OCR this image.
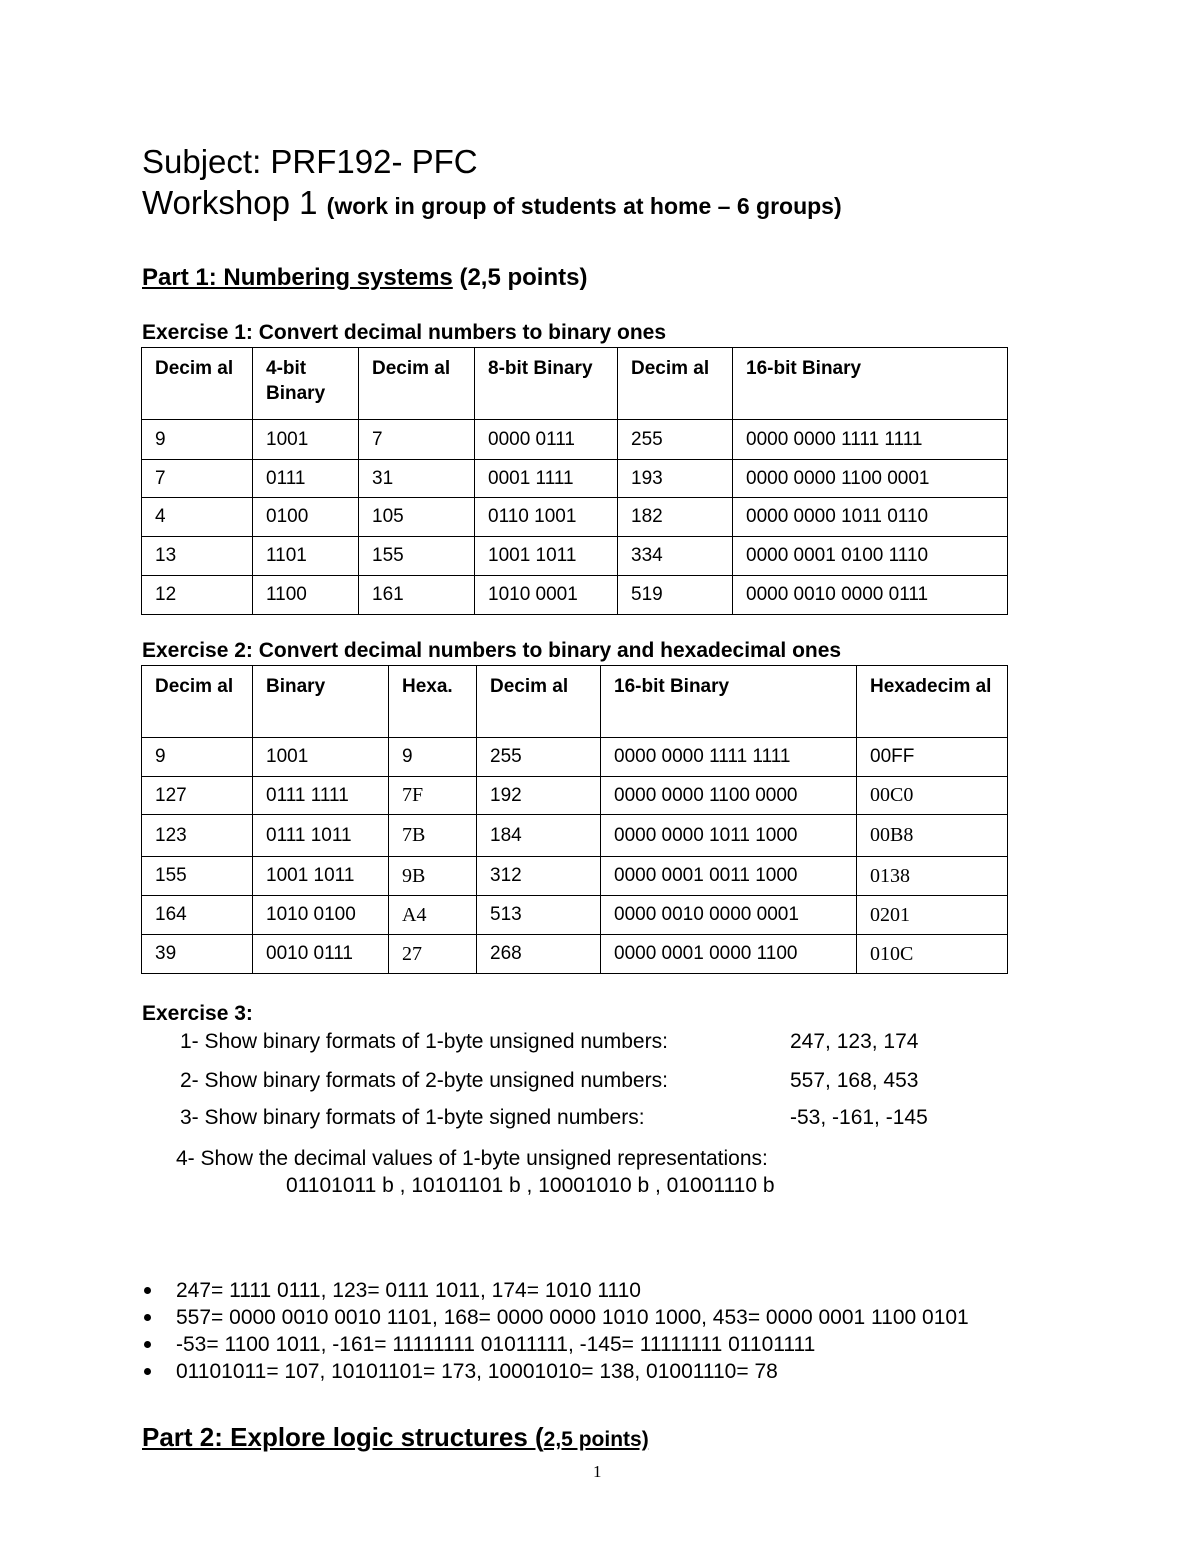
Subject: PRF192- PFC
Workshop 1 (work in group of students at home – 6 groups)
Part 1: Numbering systems (2,5 points)
Exercise 1: Convert decimal numbers to binary ones
Decim al	4-bit Binary	Decim al	8-bit Binary	Decim al	16-bit Binary
9	1001	7	0000 0111	255	0000 0000 1111 1111
7	0111	31	0001 1111	193	0000 0000 1100 0001
4	0100	105	0110 1001	182	0000 0000 1011 0110
13	1101	155	1001 1011	334	0000 0001 0100 1110
12	1100	161	1010 0001	519	0000 0010 0000 0111
Exercise 2: Convert decimal numbers to binary and hexadecimal ones
Decim al	Binary	Hexa.	Decim al	16-bit Binary	Hexadecim al
9	1001	9	255	0000 0000 1111 1111	00FF
127	0111 1111	7F	192	0000 0000 1100 0000	00C0
123	0111 1011	7B	184	0000 0000 1011 1000	00B8
155	1001 1011	9B	312	0000 0001 0011 1000	0138
164	1010 0100	A4	513	0000 0010 0000 0001	0201
39	0010 0111	27	268	0000 0001 0000 1100	010C
Exercise 3:
1- Show binary formats of 1-byte unsigned numbers:	247, 123, 174
2- Show binary formats of 2-byte unsigned numbers:	557, 168, 453
3- Show binary formats of 1-byte signed numbers:	-53, -161, -145
4- Show the decimal values of 1-byte unsigned representations:
01101011 b , 10101101 b , 10001010 b , 01001110 b
247= 1111 0111, 123= 0111 1011, 174= 1010 1110
557= 0000 0010 0010 1101, 168= 0000 0000 1010 1000, 453= 0000 0001 1100 0101
-53= 1100 1011, -161= 11111111 01011111, -145= 11111111 01101111
01101011= 107, 10101101= 173, 10001010= 138, 01001110= 78
Part 2: Explore logic structures (2,5 points)
1
